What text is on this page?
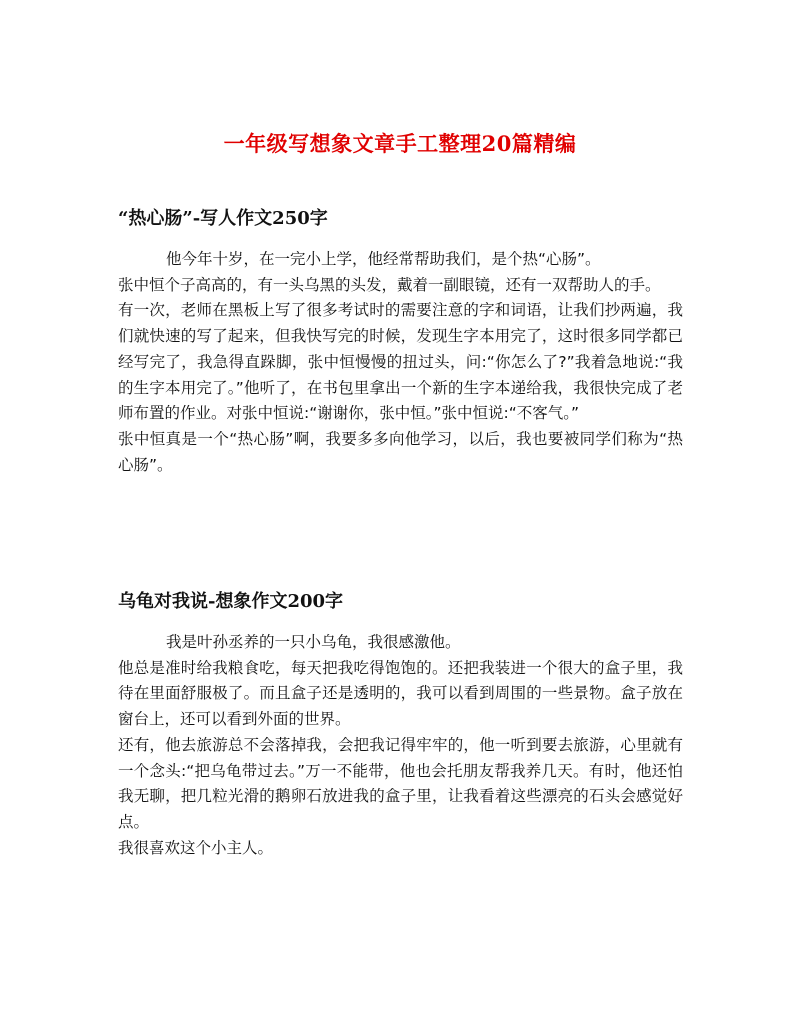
一年级写想象文章手工整理20篇精编
“热心肠”-写人作文250字

他今年十岁，在一完小上学，他经常帮助我们，是个热“心肠”。

张中恒个子高高的，有一头乌黑的头发，戴着一副眼镜，还有一双帮助人的手。

有一次，老师在黑板上写了很多考试时的需要注意的字和词语，让我们抄两遍，我们就快速的写了起来，但我快写完的时候，发现生字本用完了，这时很多同学都已经写完了，我急得直跺脚，张中恒慢慢的扭过头，问:“你怎么了?”我着急地说:“我的生字本用完了。”他听了，在书包里拿出一个新的生字本递给我，我很快完成了老师布置的作业。对张中恒说:“谢谢你，张中恒。”张中恒说:“不客气。”

张中恒真是一个“热心肠”啊，我要多多向他学习，以后，我也要被同学们称为“热心肠”。

乌龟对我说-想象作文200字

我是叶孙丞养的一只小乌龟，我很感激他。

他总是准时给我粮食吃，每天把我吃得饱饱的。还把我装进一个很大的盒子里，我待在里面舒服极了。而且盒子还是透明的，我可以看到周围的一些景物。盒子放在窗台上，还可以看到外面的世界。

还有，他去旅游总不会落掉我，会把我记得牢牢的，他一听到要去旅游，心里就有一个念头:“把乌龟带过去。”万一不能带，他也会托朋友帮我养几天。有时，他还怕我无聊，把几粒光滑的鹅卵石放进我的盒子里，让我看着这些漂亮的石头会感觉好点。

我很喜欢这个小主人。
